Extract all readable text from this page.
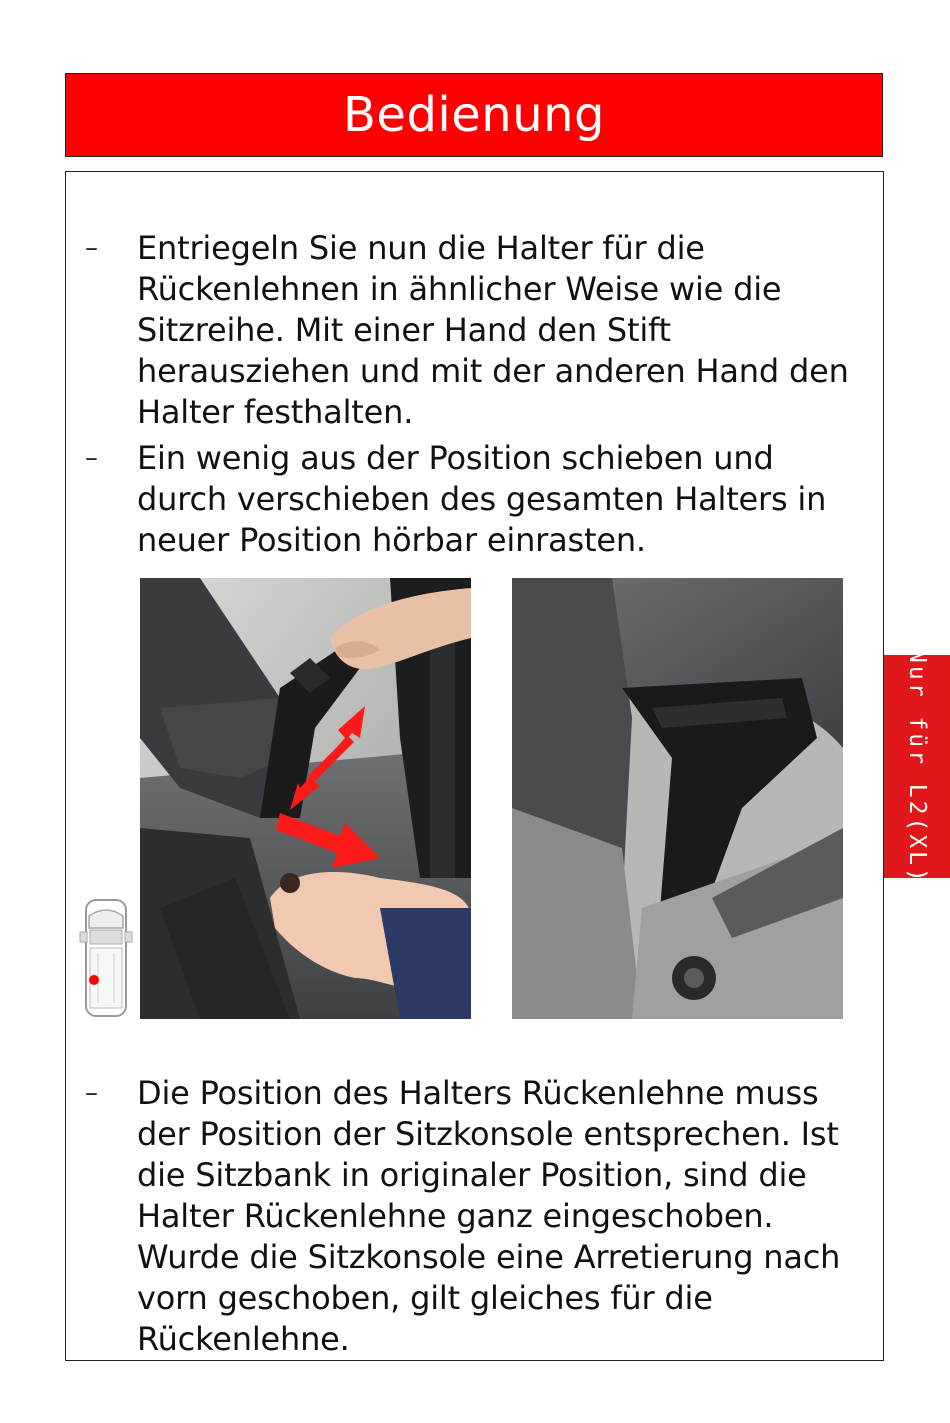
Bedienung
Nur für L2(XL)
–	Entriegeln Sie nun die Halter für die Rückenlehnen in ähnlicher Weise wie die Sitzreihe. Mit einer Hand den Stift herausziehen und mit der anderen Hand den Halter festhalten.
–	Ein wenig aus der Position schieben und durch verschieben des gesamten Halters in neuer Position hörbar einrasten.
–	Die Position des Halters Rückenlehne muss der Position der Sitzkonsole entsprechen. Ist die Sitzbank in originaler Position, sind die Halter Rückenlehne ganz eingeschoben. Wurde die Sitzkonsole eine Arretierung nach vorn geschoben, gilt gleiches für die Rückenlehne.
